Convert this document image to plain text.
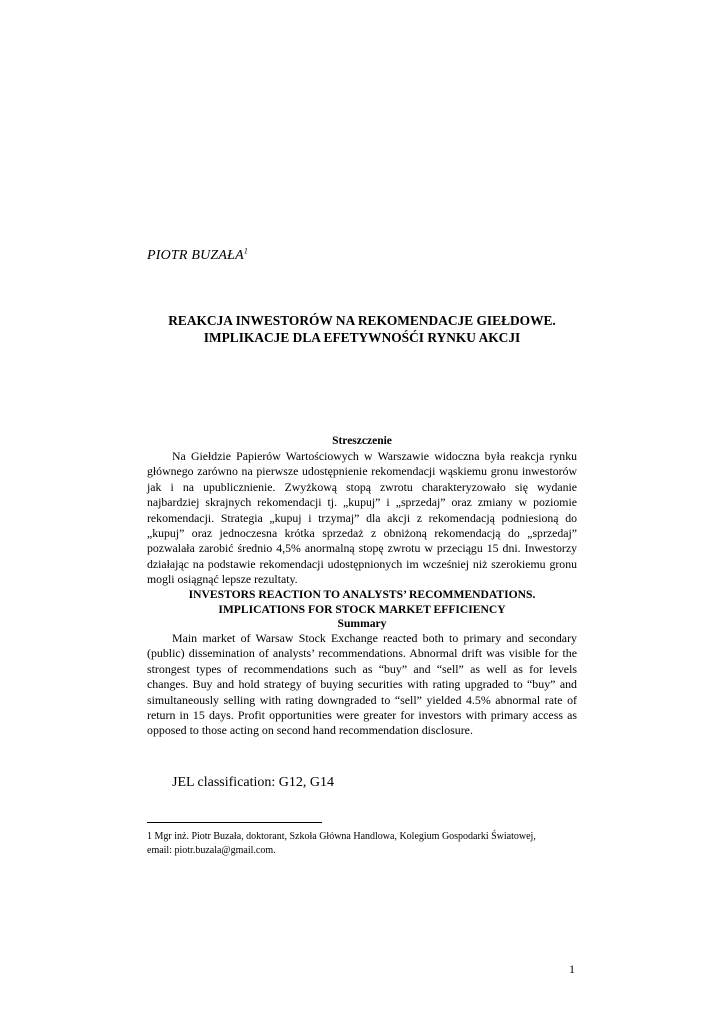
PIOTR BUZAŁA$^1$
REAKCJA INWESTORÓW NA REKOMENDACJE GIEŁDOWE.
IMPLIKACJE DLA EFETYWNOŚĆI RYNKU AKCJI
Streszczenie
Na Giełdzie Papierów Wartościowych w Warszawie widoczna była reakcja rynku głównego zarówno na pierwsze udostępnienie rekomendacji wąskiemu gronu inwestorów jak i na upublicznienie. Zwyżkową stopą zwrotu charakteryzowało się wydanie najbardziej skrajnych rekomendacji tj. „kupuj” i „sprzedaj” oraz zmiany w poziomie rekomendacji. Strategia „kupuj i trzymaj” dla akcji z rekomendacją podniesioną do „kupuj” oraz jednoczesna krótka sprzedaż z obniżoną rekomendacją do „sprzedaj” pozwalała zarobić średnio 4,5% anormalną stopę zwrotu w przeciągu 15 dni. Inwestorzy działając na podstawie rekomendacji udostępnionych im wcześniej niż szerokiemu gronu mogli osiągnąć lepsze rezultaty.
INVESTORS REACTION TO ANALYSTS’ RECOMMENDATIONS.
IMPLICATIONS FOR STOCK MARKET EFFICIENCY
Summary
Main market of Warsaw Stock Exchange reacted both to primary and secondary (public) dissemination of analysts’ recommendations. Abnormal drift was visible for the strongest types of recommendations such as “buy” and “sell” as well as for levels changes. Buy and hold strategy of buying securities with rating upgraded to “buy” and simultaneously selling with rating downgraded to “sell” yielded 4.5% abnormal rate of return in 15 days. Profit opportunities were greater for investors with primary access as opposed to those acting on second hand recommendation disclosure.
JEL classification: G12, G14
1 Mgr inż. Piotr Buzała, doktorant, Szkoła Główna Handlowa, Kolegium Gospodarki Światowej,
email: piotr.buzala@gmail.com.
1
